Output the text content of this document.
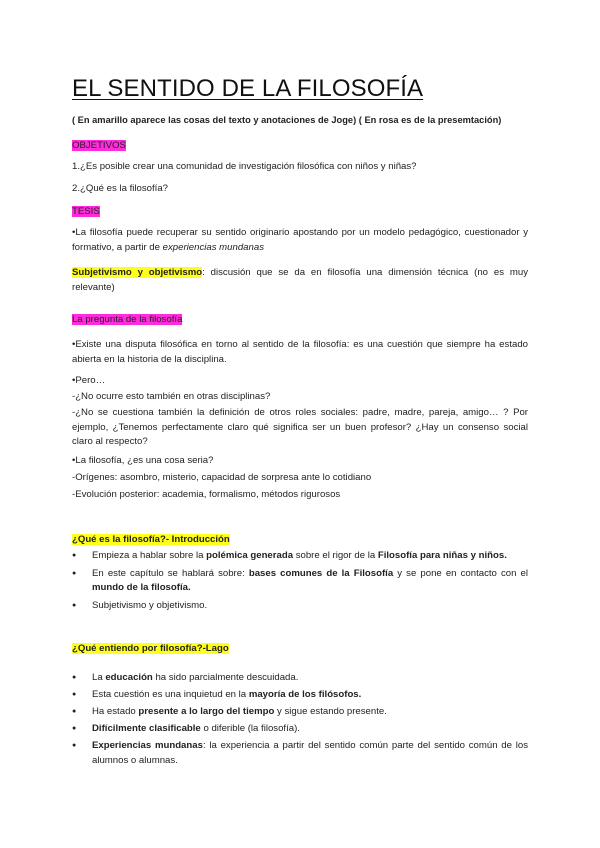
EL SENTIDO DE LA FILOSOFÍA

( En amarillo aparece las cosas del texto y anotaciones de Joge) ( En rosa es de la presemtación)

OBJETIVOS

1.¿Es posible crear una comunidad de investigación filosófica con niños y niñas?

2.¿Qué es la filosofía?

TESIS

•La filosofía puede recuperar su sentido originario apostando por un modelo pedagógico, cuestionador y formativo, a partir de experiencias mundanas

Subjetivismo y objetivismo: discusión que se da en filosofía una dimensión técnica (no es muy relevante)

La pregunta de la filosofía

•Existe una disputa filosófica en torno al sentido de la filosofía: es una cuestión que siempre ha estado abierta en la historia de la disciplina.

•Pero…

-¿No ocurre esto también en otras disciplinas?

-¿No se cuestiona también la definición de otros roles sociales: padre, madre, pareja, amigo… ? Por ejemplo, ¿Tenemos perfectamente claro qué significa ser un buen profesor? ¿Hay un consenso social claro al respecto?

•La filosofía, ¿es una cosa seria?

-Orígenes: asombro, misterio, capacidad de sorpresa ante lo cotidiano

-Evolución posterior: academia, formalismo, métodos rigurosos

¿Qué es la filosofía?- Introducción

● Empieza a hablar sobre la polémica generada sobre el rigor de la Filosofía para niñas y niños.
● En este capítulo se hablará sobre: bases comunes de la Filosofía y se pone en contacto con el mundo de la filosofía.
● Subjetivismo y objetivismo.

¿Qué entiendo por filosofía?-Lago

● La educación ha sido parcialmente descuidada.
● Esta cuestión es una inquietud en la mayoría de los filósofos.
● Ha estado presente a lo largo del tiempo y sigue estando presente.
● Difícilmente clasificable o diferible (la filosofía).
● Experiencias mundanas: la experiencia a partir del sentido común parte del sentido común de los alumnos o alumnas.
